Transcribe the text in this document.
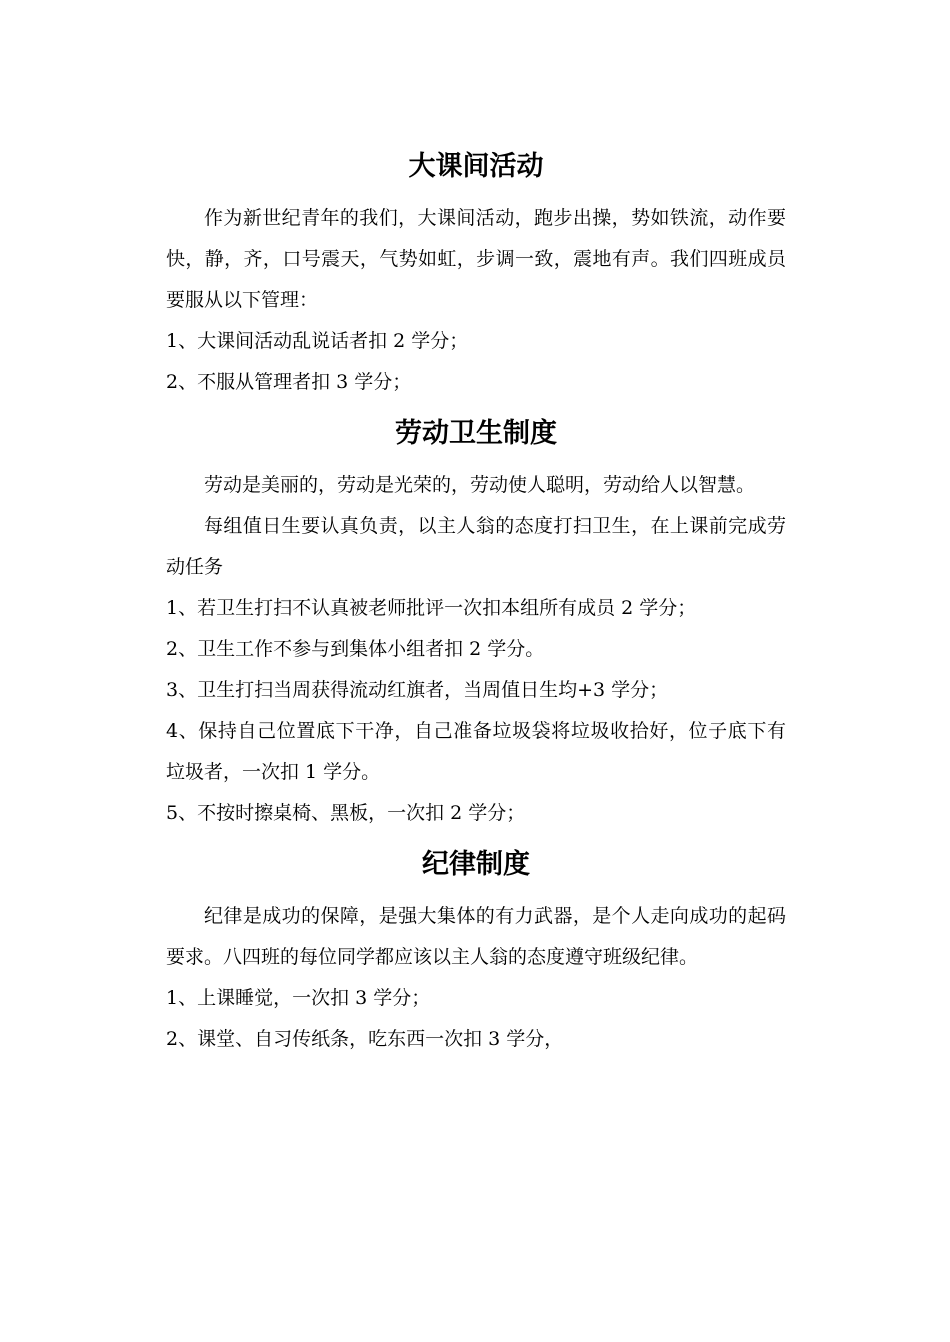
大课间活动

作为新世纪青年的我们，大课间活动，跑步出操，势如铁流，动作要快，静，齐，口号震天，气势如虹，步调一致，震地有声。我们四班成员要服从以下管理：

1、大课间活动乱说话者扣 2 学分；

2、不服从管理者扣 3 学分；

劳动卫生制度

劳动是美丽的，劳动是光荣的，劳动使人聪明，劳动给人以智慧。

每组值日生要认真负责，以主人翁的态度打扫卫生，在上课前完成劳动任务

1、若卫生打扫不认真被老师批评一次扣本组所有成员 2 学分；

2、卫生工作不参与到集体小组者扣 2 学分。

3、卫生打扫当周获得流动红旗者，当周值日生均+3 学分；

4、保持自己位置底下干净，自己准备垃圾袋将垃圾收拾好，位子底下有垃圾者，一次扣 1 学分。

5、不按时擦桌椅、黑板，一次扣 2 学分；

纪律制度

纪律是成功的保障，是强大集体的有力武器，是个人走向成功的起码要求。八四班的每位同学都应该以主人翁的态度遵守班级纪律。

1、上课睡觉，一次扣 3 学分；

2、课堂、自习传纸条，吃东西一次扣 3 学分，
